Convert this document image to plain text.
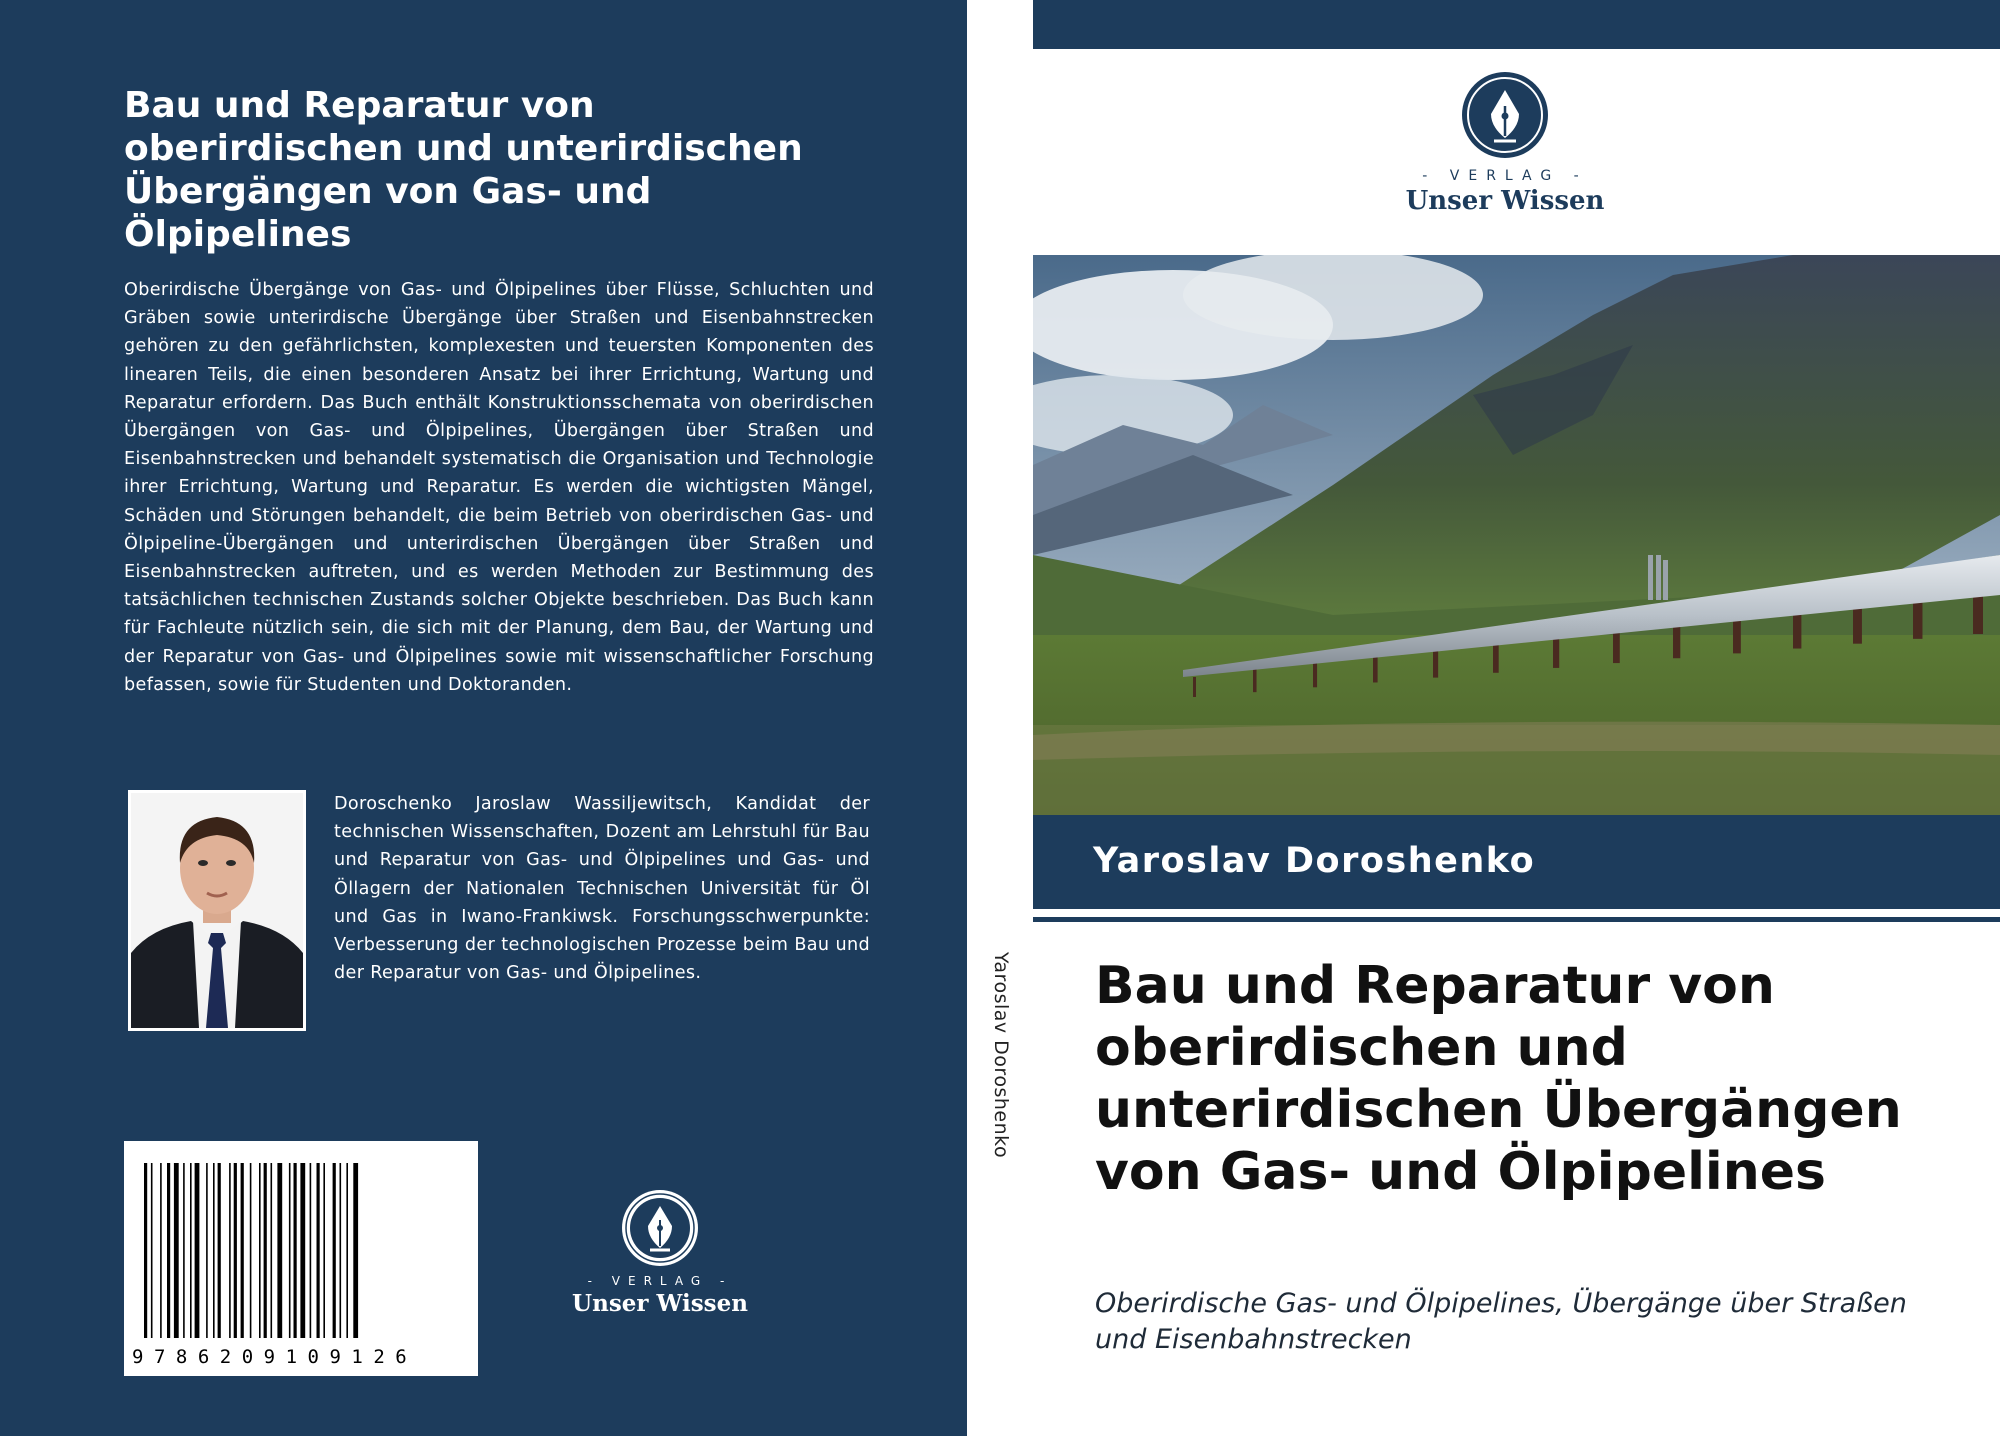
Bau und Reparatur von oberirdischen und unterirdischen Übergängen von Gas- und Ölpipelines

Oberirdische Übergänge von Gas- und Ölpipelines über Flüsse, Schluchten und Gräben sowie unterirdische Übergänge über Straßen und Eisenbahnstrecken gehören zu den gefährlichsten, komplexesten und teuersten Komponenten des linearen Teils, die einen besonderen Ansatz bei ihrer Errichtung, Wartung und Reparatur erfordern. Das Buch enthält Konstruktionsschemata von oberirdischen Übergängen von Gas- und Ölpipelines, Übergängen über Straßen und Eisenbahnstrecken und behandelt systematisch die Organisation und Technologie ihrer Errichtung, Wartung und Reparatur. Es werden die wichtigsten Mängel, Schäden und Störungen behandelt, die beim Betrieb von oberirdischen Gas- und Ölpipeline-Übergängen und unterirdischen Übergängen über Straßen und Eisenbahnstrecken auftreten, und es werden Methoden zur Bestimmung des tatsächlichen technischen Zustands solcher Objekte beschrieben. Das Buch kann für Fachleute nützlich sein, die sich mit der Planung, dem Bau, der Wartung und der Reparatur von Gas- und Ölpipelines sowie mit wissenschaftlicher Forschung befassen, sowie für Studenten und Doktoranden.

Doroschenko Jaroslaw Wassiljewitsch, Kandidat der technischen Wissenschaften, Dozent am Lehrstuhl für Bau und Reparatur von Gas- und Ölpipelines und Gas- und Öllagern der Nationalen Technischen Universität für Öl und Gas in Iwano-Frankiwsk. Forschungsschwerpunkte: Verbesserung der technologischen Prozesse beim Bau und der Reparatur von Gas- und Ölpipelines.

9786209109126
- VERLAG -
Unser Wissen
Yaroslav Doroshenko
- VERLAG -
Unser Wissen
Yaroslav Doroshenko
Bau und Reparatur von oberirdischen und unterirdischen Übergängen von Gas- und Ölpipelines

Oberirdische Gas- und Ölpipelines, Übergänge über Straßen und Eisenbahnstrecken
